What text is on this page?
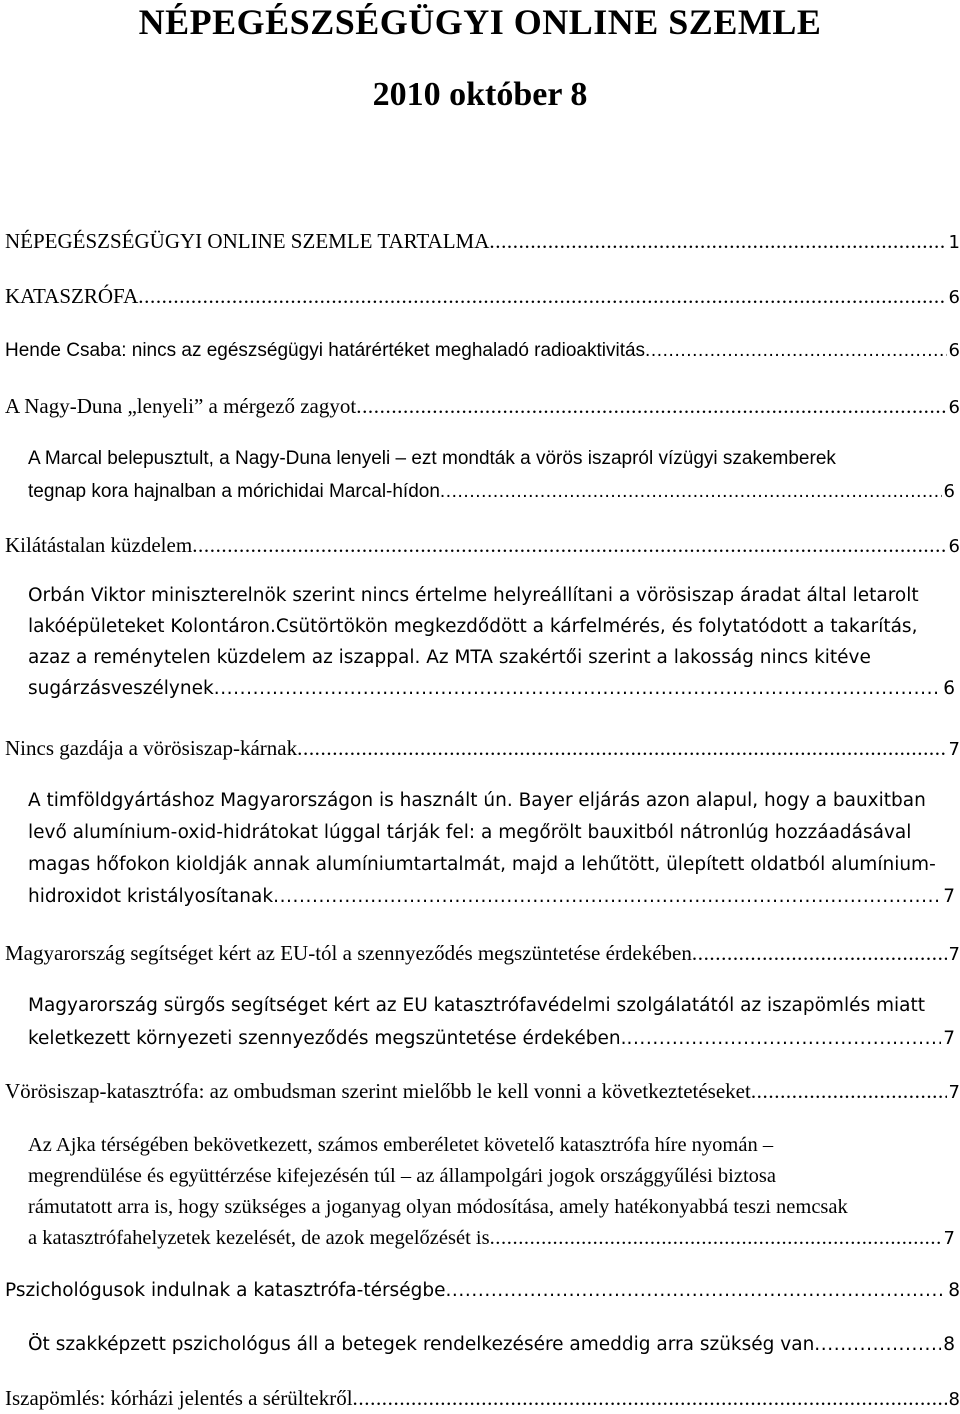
NÉPEGÉSZSÉGÜGYI ONLINE SZEMLE
2010 október 8
NÉPEGÉSZSÉGÜGYI ONLINE SZEMLE TARTALMA .....	1
KATASZRÓFA .....	6
Hende Csaba: nincs az egészségügyi határértéket meghaladó radioaktivitás .....	6
A Nagy-Duna „lenyeli” a mérgező zagyot .....	6
A Marcal belepusztult, a Nagy-Duna lenyeli – ezt mondták a vörös iszapról vízügyi szakemberek
tegnap kora hajnalban a mórichidai Marcal-hídon .....	6
Kilátástalan küzdelem .....	6
Orbán Viktor miniszterelnök szerint nincs értelme helyreállítani a vörösiszap áradat által letarolt
lakóépületeket Kolontáron.Csütörtökön megkezdődött a kárfelmérés, és folytatódott a takarítás,
azaz a reménytelen küzdelem az iszappal. Az MTA szakértői szerint a lakosság nincs kitéve
sugárzásveszélynek .....	6
Nincs gazdája a vörösiszap-kárnak .....	7
A timföldgyártáshoz Magyarországon is használt ún. Bayer eljárás azon alapul, hogy a bauxitban
levő alumínium-oxid-hidrátokat lúggal tárják fel: a megőrölt bauxitból nátronlúg hozzáadásával
magas hőfokon kioldják annak alumíniumtartalmát, majd a lehűtött, ülepített oldatból alumínium-
hidroxidot kristályosítanak .....	7
Magyarország segítséget kért az EU-tól a szennyeződés megszüntetése érdekében .....	7
Magyarország sürgős segítséget kért az EU katasztrófavédelmi szolgálatától az iszapömlés miatt
keletkezett környezeti szennyeződés megszüntetése érdekében. .....	7
Vörösiszap-katasztrófa: az ombudsman szerint mielőbb le kell vonni a következtetéseket .....	7
Az Ajka térségében bekövetkezett, számos emberéletet követelő katasztrófa híre nyomán –
megrendülése és együttérzése kifejezésén túl – az állampolgári jogok országgyűlési biztosa
rámutatott arra is, hogy szükséges a joganyag olyan módosítása, amely hatékonyabbá teszi nemcsak
a katasztrófahelyzetek kezelését, de azok megelőzését is .....	7
Pszichológusok indulnak a katasztrófa-térségbe .....	8
Öt szakképzett pszichológus áll a betegek rendelkezésére ameddig arra szükség van .....	8
Iszapömlés: kórházi jelentés a sérültekről .....	8
